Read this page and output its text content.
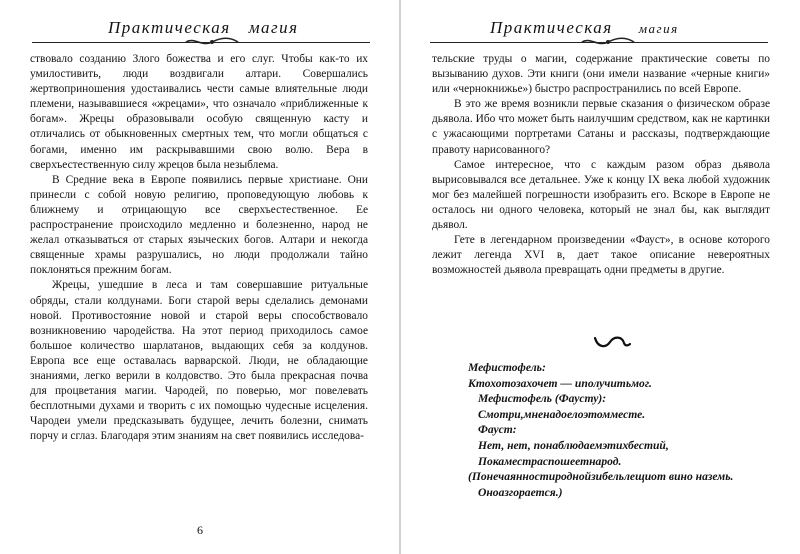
Практическая магия

ствовало созданию Злого божества и его слуг. Чтобы как-то их умилостивить, люди воздвигали алтари. Совершались жертвоприношения удостаивались чести самые влиятельные люди племени, называвшиеся «жрецами», что означало «приближенные к богам». Жрецы образовывали особую священную касту и отличались от обыкновенных смертных тем, что могли общаться с богами, именно им раскрывавшими свою волю. Вера в сверхъестественную силу жрецов была незыблема.

В Средние века в Европе появились первые христиане. Они принесли с собой новую религию, проповедующую любовь к ближнему и отрицающую все сверхъестественное. Ее распространение происходило медленно и болезненно, народ не желал отказываться от старых языческих богов. Алтари и некогда священные храмы разрушались, но люди продолжали тайно поклоняться прежним богам.

Жрецы, ушедшие в леса и там совершавшие ритуальные обряды, стали колдунами. Боги старой веры сделались демонами новой. Противостояние новой и старой веры способствовало возникновению чародейства. На этот период приходилось самое большое количество шарлатанов, выдающих себя за колдунов. Европа все еще оставалась варварской. Люди, не обладающие знаниями, легко верили в колдовство. Это была прекрасная почва для процветания магии. Чародей, по поверью, мог повелевать бесплотными духами и творить с их помощью чудесные исцеления. Чародеи умели предсказывать будущее, лечить болезни, снимать порчу и сглаз. Благодаря этим знаниям на свет появились исследова-

6
Практическая магия

тельские труды о магии, содержание практические советы по вызыванию духов. Эти книги (они имели название «черные книги» или «чернокнижье») быстро распространились по всей Европе.

В это же время возникли первые сказания о физическом образе дьявола. Ибо что может быть наилучшим средством, как не картинки с ужасающими портретами Сатаны и рассказы, подтверждающие правоту нарисованного?

Самое интересное, что с каждым разом образ дьявола вырисовывался все детальнее. Уже к концу IX века любой художник мог без малейшей погрешности изобразить его. Вскоре в Европе не осталось ни одного человека, который не знал бы, как выглядит дьявол.

Гете в легендарном произведении «Фауст», в основе которого лежит легенда XVI в, дает такое описание невероятных возможностей дьявола превращать одни предметы в другие.

Мефистофель:
Ктохотозахочет — иполучитьмог.
Мефистофель (Фаусту):
Смотри,мненадоелоэтомместе.
Фауст:
Нет, нет, понаблюдаемэтихбестий,
Покаместраспошеетнарод.
(Понечаянностироднойзибельлещиот вино наземь.
Оноазгорается.)
